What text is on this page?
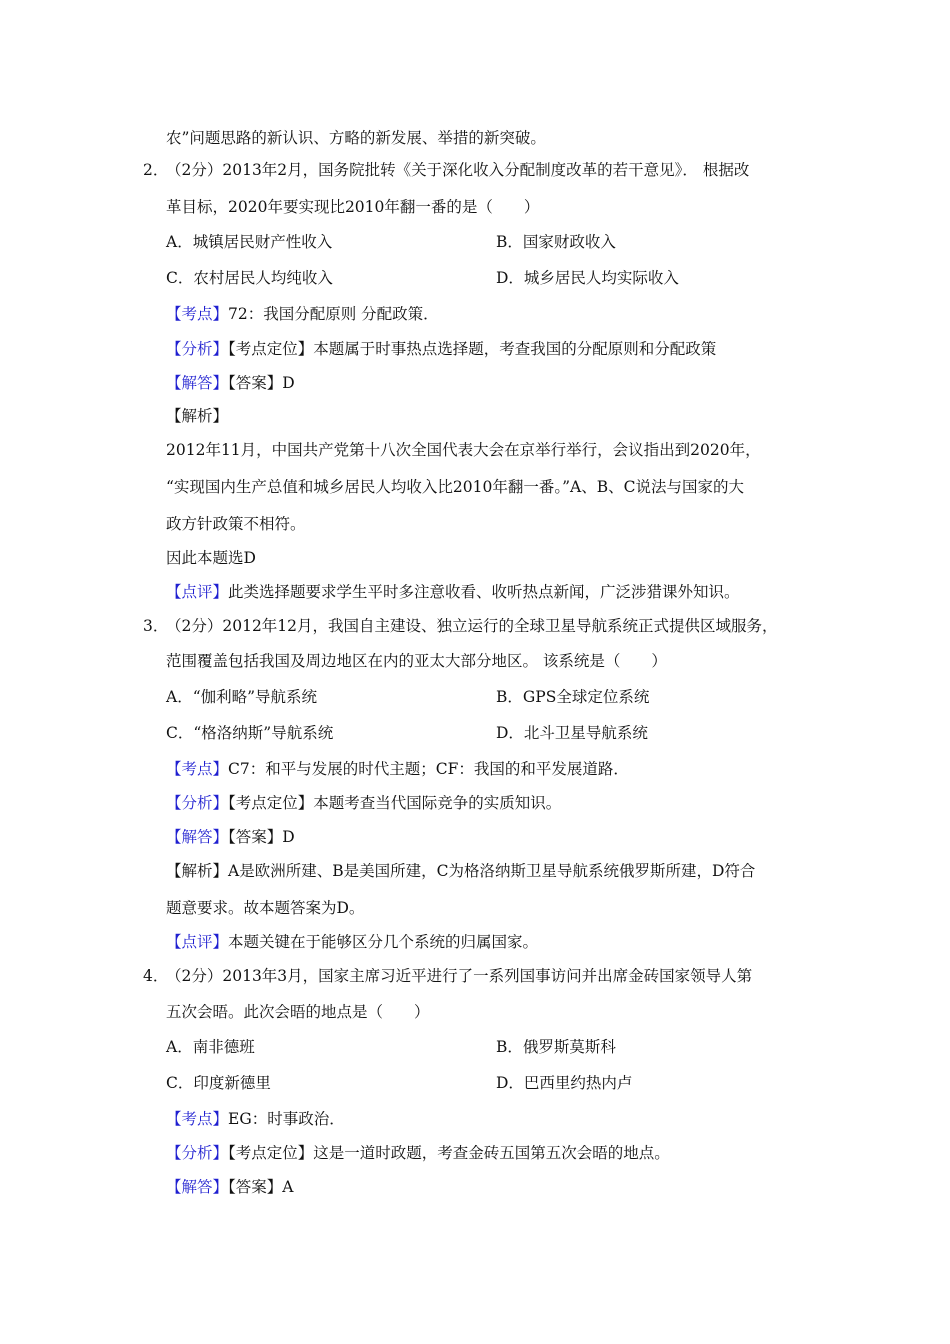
农”问题思路的新认识、方略的新发展、举措的新突破。
2．
（2分）2013年2月，国务院批转《关于深化收入分配制度改革的若干意见》． 根据改
革目标，2020年要实现比2010年翻一番的是（　　）
A．城镇居民财产性收入	B．国家财政收入
C．农村居民人均纯收入	D．城乡居民人均实际收入
【考点】72：我国分配原则 分配政策．
【分析】【考点定位】本题属于时事热点选择题，考查我国的分配原则和分配政策
【解答】【答案】D
【解析】
2012年11月，中国共产党第十八次全国代表大会在京举行举行，会议指出到2020年，
“实现国内生产总值和城乡居民人均收入比2010年翻一番。”A、B、C说法与国家的大
政方针政策不相符。
因此本题选D
【点评】此类选择题要求学生平时多注意收看、收听热点新闻，广泛涉猎课外知识。
3．
（2分）2012年12月，我国自主建设、独立运行的全球卫星导航系统正式提供区域服务，
范围覆盖包括我国及周边地区在内的亚太大部分地区。 该系统是（　　）
A．“伽利略”导航系统	B．GPS全球定位系统
C．“格洛纳斯”导航系统	D．北斗卫星导航系统
【考点】C7：和平与发展的时代主题；CF：我国的和平发展道路．
【分析】【考点定位】本题考查当代国际竞争的实质知识。
【解答】【答案】D
【解析】A是欧洲所建、B是美国所建，C为格洛纳斯卫星导航系统俄罗斯所建，D符合
题意要求。故本题答案为D。
【点评】本题关键在于能够区分几个系统的归属国家。
4．
（2分）2013年3月，国家主席习近平进行了一系列国事访问并出席金砖国家领导人第
五次会晤。此次会晤的地点是（　　）
A．南非德班	B．俄罗斯莫斯科
C．印度新德里	D．巴西里约热内卢
【考点】EG：时事政治．
【分析】【考点定位】这是一道时政题，考查金砖五国第五次会晤的地点。
【解答】【答案】A
